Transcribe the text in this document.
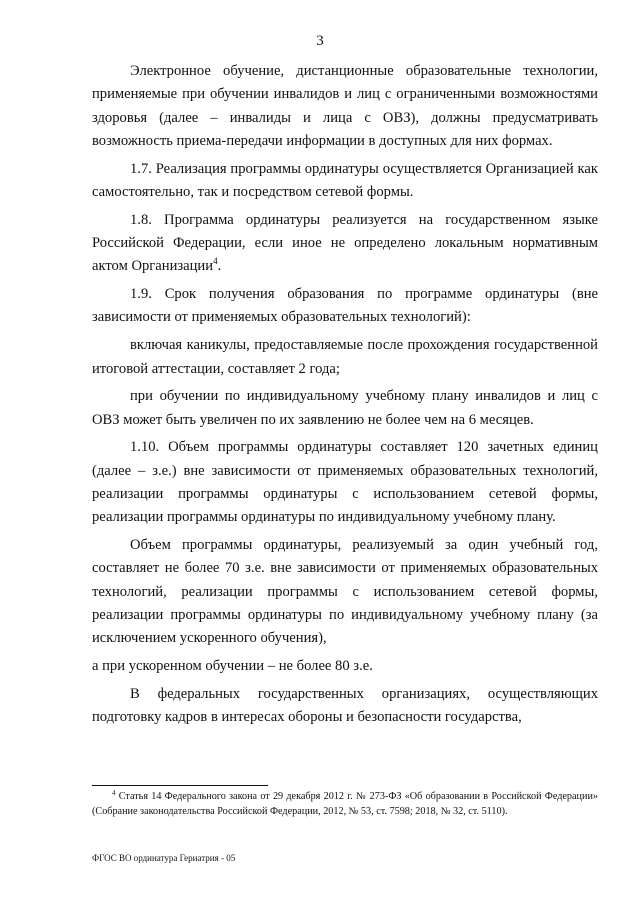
3

Электронное обучение, дистанционные образовательные технологии, применяемые при обучении инвалидов и лиц с ограниченными возможностями здоровья (далее – инвалиды и лица с ОВЗ), должны предусматривать возможность приема-передачи информации в доступных для них формах.

1.7. Реализация программы ординатуры осуществляется Организацией как самостоятельно, так и посредством сетевой формы.

1.8. Программа ординатуры реализуется на государственном языке Российской Федерации, если иное не определено локальным нормативным актом Организации$^4$.

1.9. Срок получения образования по программе ординатуры (вне зависимости от применяемых образовательных технологий):

включая каникулы, предоставляемые после прохождения государственной итоговой аттестации, составляет 2 года;

при обучении по индивидуальному учебному плану инвалидов и лиц с ОВЗ может быть увеличен по их заявлению не более чем на 6 месяцев.

1.10. Объем программы ординатуры составляет 120 зачетных единиц (далее – з.е.) вне зависимости от применяемых образовательных технологий, реализации программы ординатуры с использованием сетевой формы, реализации программы ординатуры по индивидуальному учебному плану.

Объем программы ординатуры, реализуемый за один учебный год, составляет не более 70 з.е. вне зависимости от применяемых образовательных технологий, реализации программы с использованием сетевой формы, реализации программы ординатуры по индивидуальному учебному плану (за исключением ускоренного обучения),

а при ускоренном обучении – не более 80 з.е.

В федеральных государственных организациях, осуществляющих подготовку кадров в интересах обороны и безопасности государства,

$^4$ Статья 14 Федерального закона от 29 декабря 2012 г. № 273-ФЗ «Об образовании в Российской Федерации» (Собрание законодательства Российской Федерации, 2012, № 53, ст. 7598; 2018, № 32, ст. 5110).
ФГОС ВО ординатура Гериатрия - 05
